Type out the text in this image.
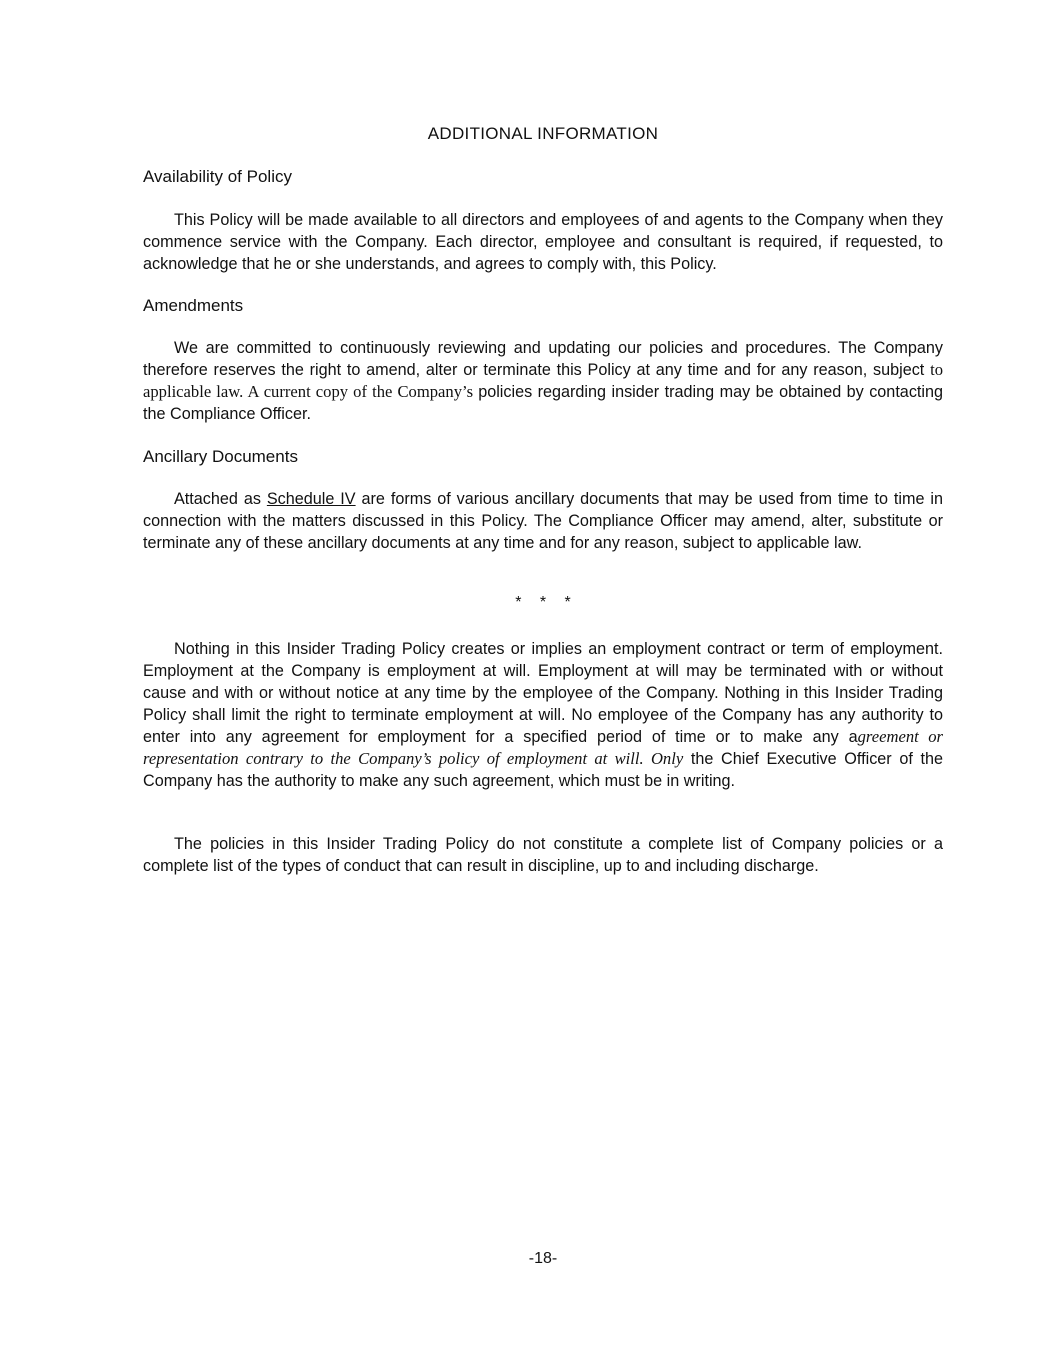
ADDITIONAL INFORMATION
Availability of Policy

This Policy will be made available to all directors and employees of and agents to the Company when they commence service with the Company. Each director, employee and consultant is required, if requested, to acknowledge that he or she understands, and agrees to comply with, this Policy.

Amendments

We are committed to continuously reviewing and updating our policies and procedures. The Company therefore reserves the right to amend, alter or terminate this Policy at any time and for any reason, subject to applicable law. A current copy of the Company’s policies regarding insider trading may be obtained by contacting the Compliance Officer.

Ancillary Documents

Attached as Schedule IV are forms of various ancillary documents that may be used from time to time in connection with the matters discussed in this Policy. The Compliance Officer may amend, alter, substitute or terminate any of these ancillary documents at any time and for any reason, subject to applicable law.

* * *

Nothing in this Insider Trading Policy creates or implies an employment contract or term of employment. Employment at the Company is employment at will. Employment at will may be terminated with or without cause and with or without notice at any time by the employee of the Company. Nothing in this Insider Trading Policy shall limit the right to terminate employment at will. No employee of the Company has any authority to enter into any agreement for employment for a specified period of time or to make any agreement or representation contrary to the Company’s policy of employment at will. Only the Chief Executive Officer of the Company has the authority to make any such agreement, which must be in writing.

The policies in this Insider Trading Policy do not constitute a complete list of Company policies or a complete list of the types of conduct that can result in discipline, up to and including discharge.

-18-
